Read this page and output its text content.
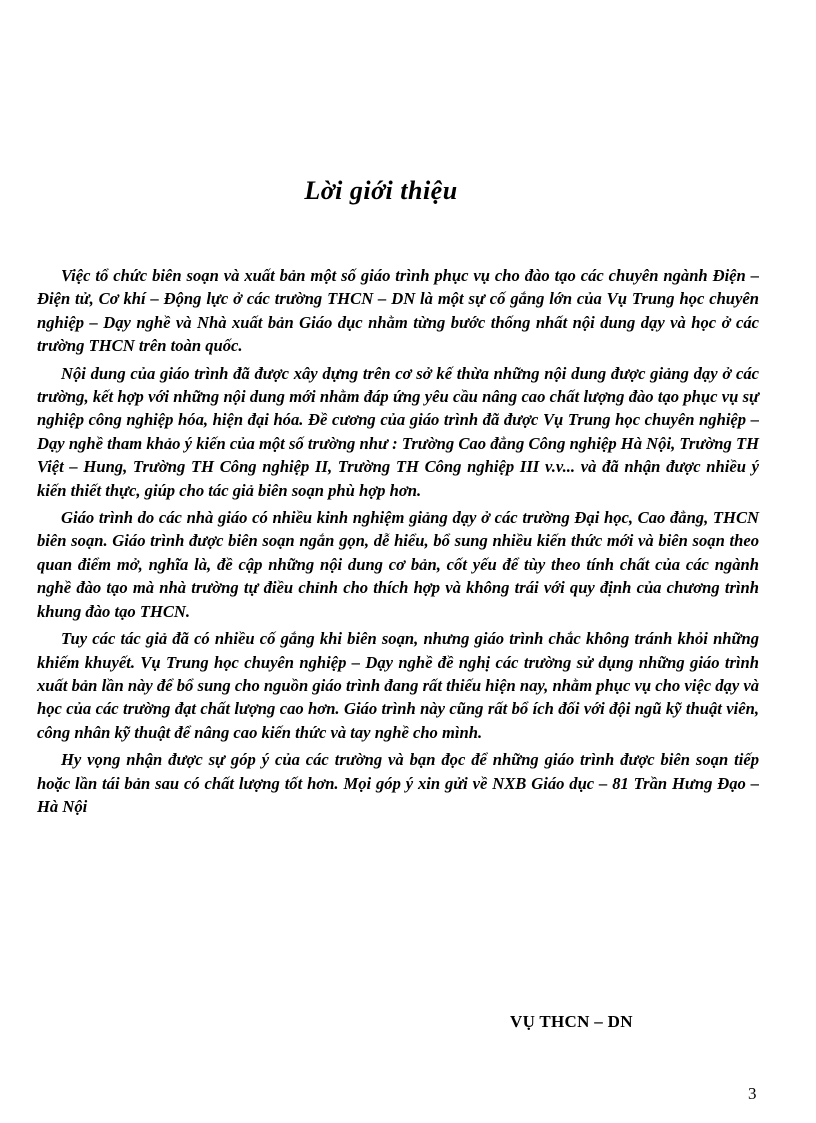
Lời giới thiệu

Việc tổ chức biên soạn và xuất bản một số giáo trình phục vụ cho đào tạo các chuyên ngành Điện – Điện tử, Cơ khí – Động lực ở các trường THCN – DN là một sự cố gắng lớn của Vụ Trung học chuyên nghiệp – Dạy nghề và Nhà xuất bản Giáo dục nhằm từng bước thống nhất nội dung dạy và học ở các trường THCN trên toàn quốc.

Nội dung của giáo trình đã được xây dựng trên cơ sở kế thừa những nội dung được giảng dạy ở các trường, kết hợp với những nội dung mới nhằm đáp ứng yêu cầu nâng cao chất lượng đào tạo phục vụ sự nghiệp công nghiệp hóa, hiện đại hóa. Đề cương của giáo trình đã được Vụ Trung học chuyên nghiệp – Dạy nghề tham khảo ý kiến của một số trường như : Trường Cao đẳng Công nghiệp Hà Nội, Trường TH Việt – Hung, Trường TH Công nghiệp II, Trường TH Công nghiệp III v.v... và đã nhận được nhiều ý kiến thiết thực, giúp cho tác giả biên soạn phù hợp hơn.

Giáo trình do các nhà giáo có nhiều kinh nghiệm giảng dạy ở các trường Đại học, Cao đẳng, THCN biên soạn. Giáo trình được biên soạn ngắn gọn, dễ hiểu, bổ sung nhiều kiến thức mới và biên soạn theo quan điểm mở, nghĩa là, đề cập những nội dung cơ bản, cốt yếu để tùy theo tính chất của các ngành nghề đào tạo mà nhà trường tự điều chỉnh cho thích hợp và không trái với quy định của chương trình khung đào tạo THCN.

Tuy các tác giả đã có nhiều cố gắng khi biên soạn, nhưng giáo trình chắc không tránh khỏi những khiếm khuyết. Vụ Trung học chuyên nghiệp – Dạy nghề đề nghị các trường sử dụng những giáo trình xuất bản lần này để bổ sung cho nguồn giáo trình đang rất thiếu hiện nay, nhằm phục vụ cho việc dạy và học của các trường đạt chất lượng cao hơn. Giáo trình này cũng rất bổ ích đối với đội ngũ kỹ thuật viên, công nhân kỹ thuật để nâng cao kiến thức và tay nghề cho mình.

Hy vọng nhận được sự góp ý của các trường và bạn đọc để những giáo trình được biên soạn tiếp hoặc lần tái bản sau có chất lượng tốt hơn. Mọi góp ý xin gửi về NXB Giáo dục – 81 Trần Hưng Đạo – Hà Nội

VỤ THCN – DN
3
